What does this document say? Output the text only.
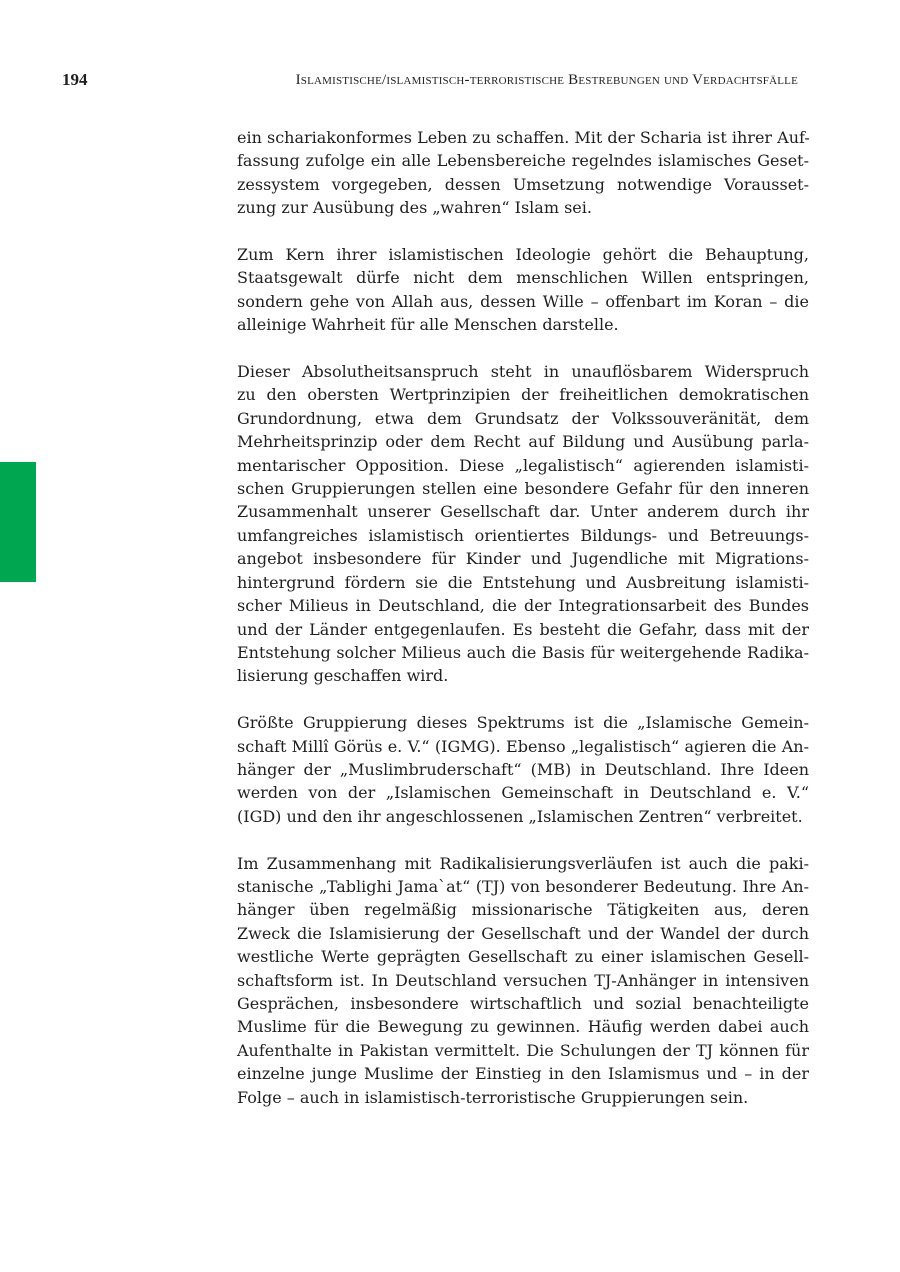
194	Islamistische/islamistisch-terroristische Bestrebungen und Verdachtsfälle
ein schariakonformes Leben zu schaffen. Mit der Scharia ist ihrer Auf-
fassung zufolge ein alle Lebensbereiche regelndes islamisches Geset-
zessystem vorgegeben, dessen Umsetzung notwendige Vorausset-
zung zur Ausübung des „wahren“ Islam sei.
Zum Kern ihrer islamistischen Ideologie gehört die Behauptung,
Staatsgewalt dürfe nicht dem menschlichen Willen entspringen,
sondern gehe von Allah aus, dessen Wille – offenbart im Koran – die
alleinige Wahrheit für alle Menschen darstelle.
Dieser Absolutheitsanspruch steht in unauflösbarem Widerspruch
zu den obersten Wertprinzipien der freiheitlichen demokratischen
Grundordnung, etwa dem Grundsatz der Volkssouveränität, dem
Mehrheitsprinzip oder dem Recht auf Bildung und Ausübung parla-
mentarischer Opposition. Diese „legalistisch“ agierenden islamisti-
schen Gruppierungen stellen eine besondere Gefahr für den inneren
Zusammenhalt unserer Gesellschaft dar. Unter anderem durch ihr
umfangreiches islamistisch orientiertes Bildungs- und Betreuungs-
angebot insbesondere für Kinder und Jugendliche mit Migrations-
hintergrund fördern sie die Entstehung und Ausbreitung islamisti-
scher Milieus in Deutschland, die der Integrationsarbeit des Bundes
und der Länder entgegenlaufen. Es besteht die Gefahr, dass mit der
Entstehung solcher Milieus auch die Basis für weitergehende Radika-
lisierung geschaffen wird.
Größte Gruppierung dieses Spektrums ist die „Islamische Gemein-
schaft Millî Görüs e. V.“ (IGMG). Ebenso „legalistisch“ agieren die An-
hänger der „Muslimbruderschaft“ (MB) in Deutschland. Ihre Ideen
werden von der „Islamischen Gemeinschaft in Deutschland e. V.“
(IGD) und den ihr angeschlossenen „Islamischen Zentren“ verbreitet.
Im Zusammenhang mit Radikalisierungsverläufen ist auch die paki-
stanische „Tablighi Jama`at“ (TJ) von besonderer Bedeutung. Ihre An-
hänger üben regelmäßig missionarische Tätigkeiten aus, deren
Zweck die Islamisierung der Gesellschaft und der Wandel der durch
westliche Werte geprägten Gesellschaft zu einer islamischen Gesell-
schaftsform ist. In Deutschland versuchen TJ-Anhänger in intensiven
Gesprächen, insbesondere wirtschaftlich und sozial benachteiligte
Muslime für die Bewegung zu gewinnen. Häufig werden dabei auch
Aufenthalte in Pakistan vermittelt. Die Schulungen der TJ können für
einzelne junge Muslime der Einstieg in den Islamismus und – in der
Folge – auch in islamistisch-terroristische Gruppierungen sein.
